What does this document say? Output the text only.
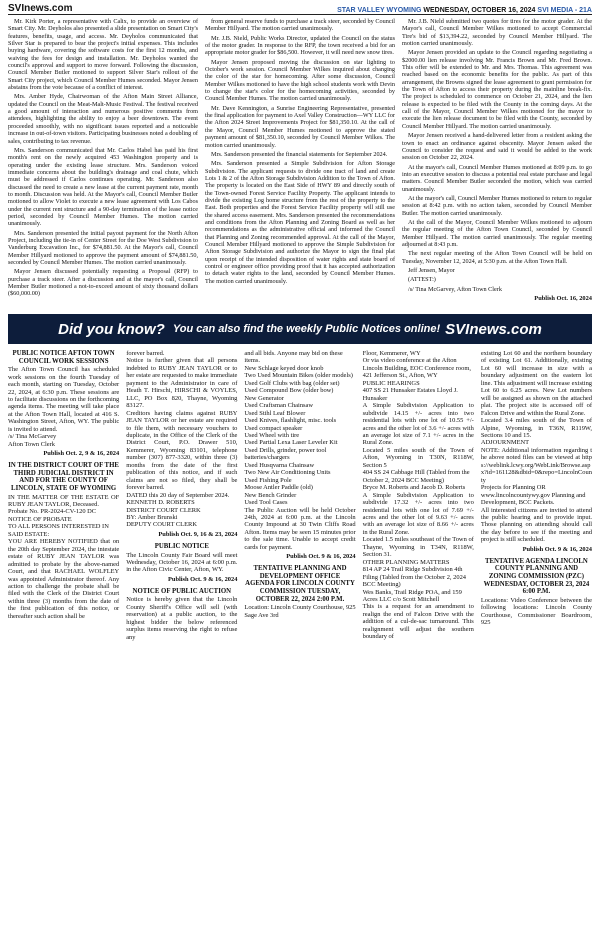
SVInews.com	STAR VALLEY WYOMING WEDNESDAY, OCTOBER 16, 2024 SVI MEDIA - 21A

Mr. Kirk Porter, a representative with Calix, to provide an overview of Smart City. Mr. Deyholos also presented a slide presentation on Smart City's features, benefits, usage, and access. Mr. Deyholos communicated that Silver Star is prepared to bear the project's initial expenses. This includes buying hardware, covering the software costs for the first 12 months, and waiving the fees for design and installation. Mr. Deyholos wanted the council's approval and support to move forward. Following the discussion, Council Member Butler motioned to support Silver Star's rollout of the Smart City project, which Council Member Humes seconded. Mayor Jensen abstains from the vote because of a conflict of interest.

Mrs. Amber Hyde, Chairwoman of the Afton Main Street Alliance, updated the Council on the Meat-Malt-Music Festival. The festival received a good amount of interaction and numerous positive comments from attendees, highlighting the ability to enjoy a beer downtown. The event proceeded smoothly, with no significant issues reported and a noticeable increase in out-of-town visitors. Participating businesses noted a doubling of sales, contributing to tax revenue.

Mrs. Sanderson communicated that Mr. Carlos Habel has paid his first month's rent on the newly acquired 453 Washington property and is operating under the existing lease structure. Mrs. Sanderson voiced immediate concerns about the building's drainage and coal chute, which must be addressed if Carlos continues operating. Mr. Sanderson also discussed the need to create a new lease at the current payment rate, month to month. Discussion was held. At the Mayor's call, Council Member Butler motioned to allow Violet to execute a new lease agreement with Los Cabos under the current rent structure and a 90-day termination of the lease notice period, seconded by Council Member Humes. The motion carried unanimously.

Mrs. Sanderson presented the initial payout payment for the North Afton Project, including the tie-in of Center Street for the Doe West Subdivision to Vanderburg Excavation Inc., for $74,881.50. At the Mayor's call, Council Member Hillyard motioned to approve the payment amount of $74,881.50, seconded by Council Member Humes. The motion carried unanimously.

Mayor Jensen discussed potentially requesting a Proposal (RFP) to purchase a track steer. After a discussion and at the mayor's call, Council Member Butler motioned a not-to-exceed amount of sixty thousand dollars ($60,000.00)

from general reserve funds to purchase a track steer, seconded by Council Member Hillyard. The motion carried unanimously.

Mr. J.B. Nield, Public Works Director, updated the Council on the status of the motor grader. In response to the RFP, the town received a bid for an appropriate motor grader for $86,500. However, it will need new snow tires.

Mayor Jensen proposed moving the discussion on star lighting to October's work session. Council Member Wilkes inquired about changing the color of the star for homecoming. After some discussion, Council Member Wilkes motioned to have the high school students work with Devin to change the star's color for the homecoming activities, seconded by Council Member Humes. The motion carried unanimously.

Mr. Dave Kennington, a Sunrise Engineering Representative, presented the final application for payment to Axel Valley Construction—WY LLC for the Afton 2024 Street Improvements Project for $81,350.10. At the call of the Mayor, Council Member Humes motioned to approve the stated payment amount of $81,350.10, seconded by Council Member Wilkes. The motion carried unanimously.

Mrs. Sanderson presented the financial statements for September 2024.

Mrs. Sanderson presented a Simple Subdivision for Afton Storage Subdivision. The applicant requests to divide one tract of land and create Lots 1 & 2 of the Afton Storage Subdivision Addition to the Town of Afton. The property is located on the East Side of HWY 89 and directly south of the Town-owned Forest Service Facility Property. The applicant intends to divide the existing Log home structure from the rest of the property to the East. Both properties and the Forest Service Facility property will still use the shared access easement. Mrs. Sanderson presented the recommendations and conditions from the Afton Planning and Zoning Board as well as her recommendations as the administrative official and informed the Council that Planning and Zoning recommended approval. At the call of the Mayor, Council Member Hillyard motioned to approve the Simple Subdivision for Afton Storage Subdivision and authorize the Mayor to sign the final plat upon receipt of the intended disposition of water rights and state board of control or engineer office providing proof that it has accepted authorization to detach water rights to the land, seconded by Council Member Humes. The motion carried unanimously.

Mr. J.B. Nield submitted two quotes for tires for the motor grader. At the Mayor's call, Council Member Wilkes motioned to accept Commercial Tire's bid of $13,394.22, seconded by Council Member Hillyard. The motion carried unanimously.

Mayor Jensen provided an update to the Council regarding negotiating a $2000.00 lien release involving Mr. Francis Brown and Mr. Fred Brown. This offer will be extended to Mr. and Mrs. Thomas. This agreement was reached based on the economic benefits for the public. As part of this arrangement, the Browns signed the lease agreement to grant permission for the Town of Afton to access their property during the mainline break-fix. The project is scheduled to commence on October 21, 2024, and the lien release is expected to be filed with the County in the coming days. At the call of the Mayor, Council Member Wilkes motioned for the mayor to execute the lien release document to be filed with the County, seconded by Council Member Hillyard. The motion carried unanimously.

Mayor Jensen received a hand-delivered letter from a resident asking the town to enact an ordinance against obscenity. Mayor Jensen asked the Council to consider the request and said it would be added to the work session on October 22, 2024.

At the mayor's call, Council Member Humes motioned at 8:09 p.m. to go into an executive session to discuss a potential real estate purchase and legal matters. Council Member Butler seconded the motion, which was carried unanimously.

At the mayor's call, Council Member Humes motioned to return to regular session at 8:42 p.m. with no action taken, seconded by Council Member Butler. The motion carried unanimously.

At the call of the Mayor, Council Member Wilkes motioned to adjourn the regular meeting of the Afton Town Council, seconded by Council Member Hillyard. The motion carried unanimously. The regular meeting adjourned at 8:43 p.m.

The next regular meeting of the Afton Town Council will be held on Tuesday, November 12, 2024, at 5:30 p.m. at the Afton Town Hall.

Jeff Jensen, Mayor

(ATTEST:)

/s/ Tina McGarvey, Afton Town Clerk

Publish Oct. 16, 2024
Did you know? You can also find the weekly Public Notices online! SVInews.com
PUBLIC NOTICE AFTON TOWN COUNCIL WORK SESSIONS

The Afton Town Council has scheduled work sessions on the fourth Tuesday of each month, starting on Tuesday, October 22, 2024, at 6:30 p.m. These sessions are to facilitate discussions on the forthcoming agenda items. The meeting will take place at the Afton Town Hall, located at 416 S. Washington Street, Afton, WY. The public is invited to attend.

/s/ Tina McGarvey

Afton Town Clerk

Publish Oct. 2, 9 & 16, 2024
IN THE DISTRICT COURT OF THE THIRD JUDICIAL DISTRICT IN AND FOR THE COUNTY OF LINCOLN, STATE OF WYOMING

IN THE MATTER OF THE ESTATE OF RUBY JEAN TAYLOR, Deceased.

Probate No. PR-2024-CV-120 DC

NOTICE OF PROBATE

TO ALL PERSONS INTERESTED IN SAID ESTATE:

YOU ARE HEREBY NOTIFIED that on the 20th day September 2024, the intestate estate of RUBY JEAN TAYLOR was admitted to probate by the above-named Court, and that RACHAEL WOLFLEY was appointed Administrator thereof. Any action to challenge the probate shall be filed with the Clerk of the District Court within three (3) months from the date of the first publication of this notice, or thereafter such action shall be

forever barred.

Notice is further given that all persons indebted to RUBY JEAN TAYLOR or to her estate are requested to make immediate payment to the Administrator in care of Heath T. Hirschi, HIRSCHI & VOYLES, LLC, PO Box 820, Thayne, Wyoming 83127.

Creditors having claims against RUBY JEAN TAYLOR or her estate are required to file them, with necessary vouchers to duplicate, in the Office of the Clerk of the District Court, P.O. Drawer 510, Kemmerer, Wyoming 83101, telephone number (307) 877-3320, within three (3) months from the date of the first publication of this notice, and if such claims are not so filed, they shall be forever barred.

DATED this 20 day of September 2024.

KENNETH D. ROBERTS

DISTRICT COURT CLERK

BY: Amber Brunski

DEPUTY COURT CLERK

Publish Oct. 9, 16 & 23, 2024
PUBLIC NOTICE

The Lincoln County Fair Board will meet Wednesday, October 16, 2024 at 6:00 p.m. in the Afton Civic Center, Afton, WY.

Publish Oct. 9 & 16, 2024
NOTICE OF PUBLIC AUCTION

Notice is hereby given that the Lincoln County Sheriff's Office will sell (with reservation) at a public auction, to the highest bidder the below referenced surplus items reserving the right to refuse any

and all bids. Anyone may bid on these items.

New Schlage keyed door knob

Two Used Mountain Bikes (older models)

Used Golf Clubs with bag (older set)

Used Compound Bow (older bow)

New Generator

Used Craftsman Chainsaw

Used Stihl Leaf Blower

Used Knives, flashlight, misc. tools

Used compact speaker

Used Wheel with tire

Used Partial Lexa Laser Leveler Kit

Used Drills, grinder, power tool batteries/chargers

Used Husqvarna Chainsaw

Two New Air Conditioning Units

Used Fishing Pole

Moose Antler Paddle (old)

New Bench Grinder

Used Tool Cases

The Public Auction will be held October 24th, 2024 at 6:00 p.m. at the Lincoln County Impound at 30 Twin Cliffs Road Afton. Items may be seen 15 minutes prior to the sale time. Unable to accept credit cards for payment.

Publish Oct. 9 & 16, 2024
TENTATIVE PLANNING AND DEVELOPMENT OFFICE AGENDA FOR LINCOLN COUNTY COMMISSION TUESDAY, OCTOBER 22, 2024 2:00 P.M.

Location: Lincoln County Courthouse, 925 Sage Ave 3rd

Floor, Kemmerer, WY

Or via video conference at the Afton Lincoln Building, EOC Conference room, 421 Jefferson St., Afton, WY

PUBLIC HEARINGS

407 SS 21 Hunsaker Estates Lloyd J. Hunsaker

A Simple Subdivision Application to subdivide 14.15 +/- acres into two residential lots with one lot of 10.55 +/- acres and the other lot of 3.6 +/- acres with an average lot size of 7.1 +/- acres in the Rural Zone.

Located 5 miles south of the Town of Afton, Wyoming in T30N, R118W, Section 5

404 SS 24 Cabbage Hill (Tabled from the October 2, 2024 BCC Meeting)

Bryce M. Roberts and Jacob D. Roberts

A Simple Subdivision Application to subdivide 17.32 +/- acres into two residential lots with one lot of 7.69 +/- acres and the other lot of 9.63 +/- acres with an average lot size of 8.66 +/- acres in the Rural Zone.

Located 1.5 miles southeast of the Town of Thayne, Wyoming in T34N, R118W, Section 31.

OTHER PLANNING MATTERS

814 AP 24 Trail Ridge Subdivision 4th Filing (Tabled from the October 2, 2024 BCC Meeting)

Wes Banks, Trail Ridge POA, and 159 Acres LLC c/o Scott Mitchell

This is a request for an amendment to realign the end of Falcon Drive with the addition of a cul-de-sac turnaround. This realignment will adjust the southern boundary of

existing Lot 60 and the northern boundary of existing Lot 61. Additionally, existing Lot 60 will increase in size with a boundary adjustment on the eastern lot line. This adjustment will increase existing Lot 60 to 6.25 acres. New Lot numbers will be assigned as shown on the attached plat. The project site is accessed off of Falcon Drive and within the Rural Zone.

Located 3.4 miles south of the Town of Alpine, Wyoming, in T36N, R119W, Sections 10 and 15.

ADJOURNMENT

NOTE: Additional information regarding the above noted files can be viewed at https://weblink.lcwy.org/WebLink/Browse.aspx?id=161128&dbid=0&repo=LincolnCounty

Projects for Planning OR www.lincolncountywy.gov Planning and Development, BCC Packets.

All interested citizens are invited to attend the public hearing and to provide input. Those planning on attending should call the day before to see if the meeting and project is still scheduled.

Publish Oct. 9 & 16, 2024
TENTATIVE AGENDA LINCOLN COUNTY PLANNING AND ZONING COMMISSION (PZC) WEDNESDAY, OCTOBER 23, 2024 6:00 P.M.

Locations: Video Conference between the following locations: Lincoln County Courthouse, Commissioner Boardroom, 925
